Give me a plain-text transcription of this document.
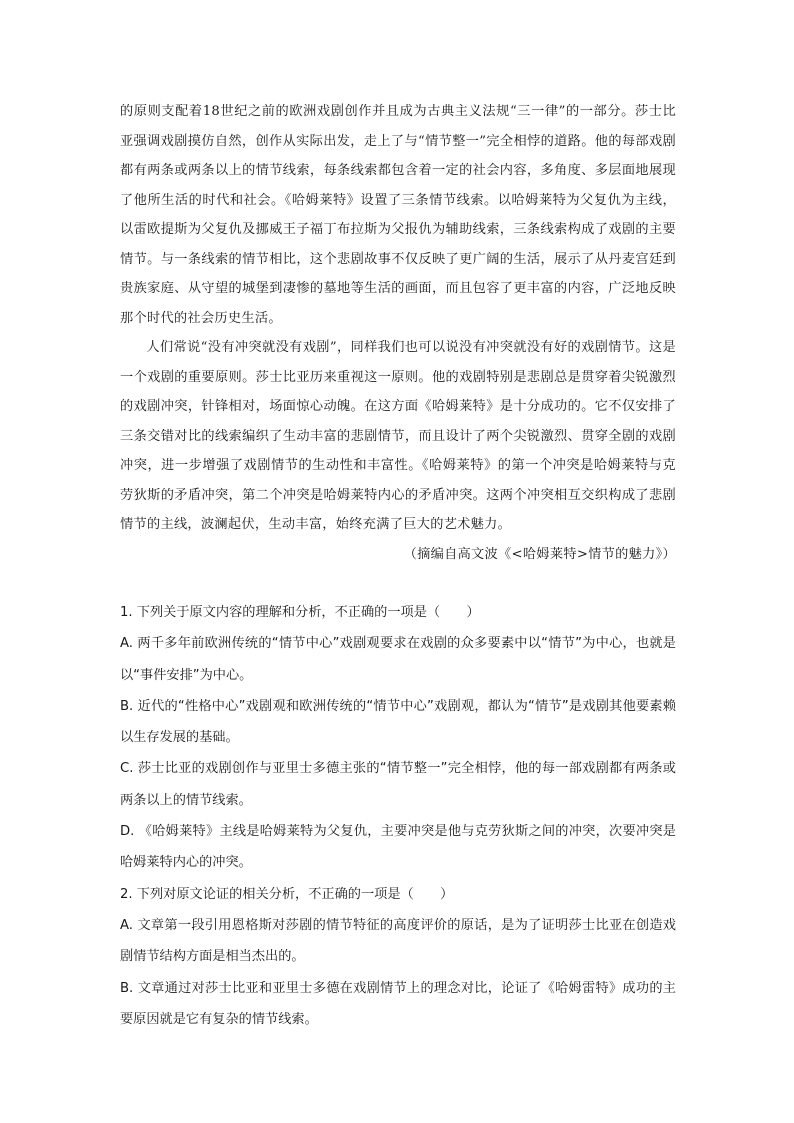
的原则支配着18世纪之前的欧洲戏剧创作并且成为古典主义法规“三一律”的一部分。莎士比亚强调戏剧摸仿自然，创作从实际出发，走上了与“情节整一”完全相悖的道路。他的每部戏剧都有两条或两条以上的情节线索，每条线索都包含着一定的社会内容，多角度、多层面地展现了他所生活的时代和社会。《哈姆莱特》设置了三条情节线索。以哈姆莱特为父复仇为主线，以雷欧提斯为父复仇及挪威王子福丁布拉斯为父报仇为辅助线索，三条线索构成了戏剧的主要情节。与一条线索的情节相比，这个悲剧故事不仅反映了更广阔的生活，展示了从丹麦宫廷到贵族家庭、从守望的城堡到凄惨的墓地等生活的画面，而且包容了更丰富的内容，广泛地反映那个时代的社会历史生活。

人们常说“没有冲突就没有戏剧”，同样我们也可以说没有冲突就没有好的戏剧情节。这是一个戏剧的重要原则。莎士比亚历来重视这一原则。他的戏剧特别是悲剧总是贯穿着尖锐激烈的戏剧冲突，针锋相对，场面惊心动魄。在这方面《哈姆莱特》是十分成功的。它不仅安排了三条交错对比的线索编织了生动丰富的悲剧情节，而且设计了两个尖锐激烈、贯穿全剧的戏剧冲突，进一步增强了戏剧情节的生动性和丰富性。《哈姆莱特》的第一个冲突是哈姆莱特与克劳狄斯的矛盾冲突，第二个冲突是哈姆莱特内心的矛盾冲突。这两个冲突相互交织构成了悲剧情节的主线，波澜起伏，生动丰富，始终充满了巨大的艺术魅力。

（摘编自高文波《<哈姆莱特>情节的魅力》）

1. 下列关于原文内容的理解和分析，不正确的一项是（　　）

A. 两千多年前欧洲传统的“情节中心”戏剧观要求在戏剧的众多要素中以“情节”为中心，也就是以“事件安排”为中心。

B. 近代的“性格中心”戏剧观和欧洲传统的“情节中心”戏剧观，都认为“情节”是戏剧其他要素赖以生存发展的基础。

C. 莎士比亚的戏剧创作与亚里士多德主张的“情节整一”完全相悖，他的每一部戏剧都有两条或两条以上的情节线索。

D. 《哈姆莱特》主线是哈姆莱特为父复仇，主要冲突是他与克劳狄斯之间的冲突，次要冲突是哈姆莱特内心的冲突。

2. 下列对原文论证的相关分析，不正确的一项是（　　）

A. 文章第一段引用恩格斯对莎剧的情节特征的高度评价的原话，是为了证明莎士比亚在创造戏剧情节结构方面是相当杰出的。

B. 文章通过对莎士比亚和亚里士多德在戏剧情节上的理念对比，论证了《哈姆雷特》成功的主要原因就是它有复杂的情节线索。
